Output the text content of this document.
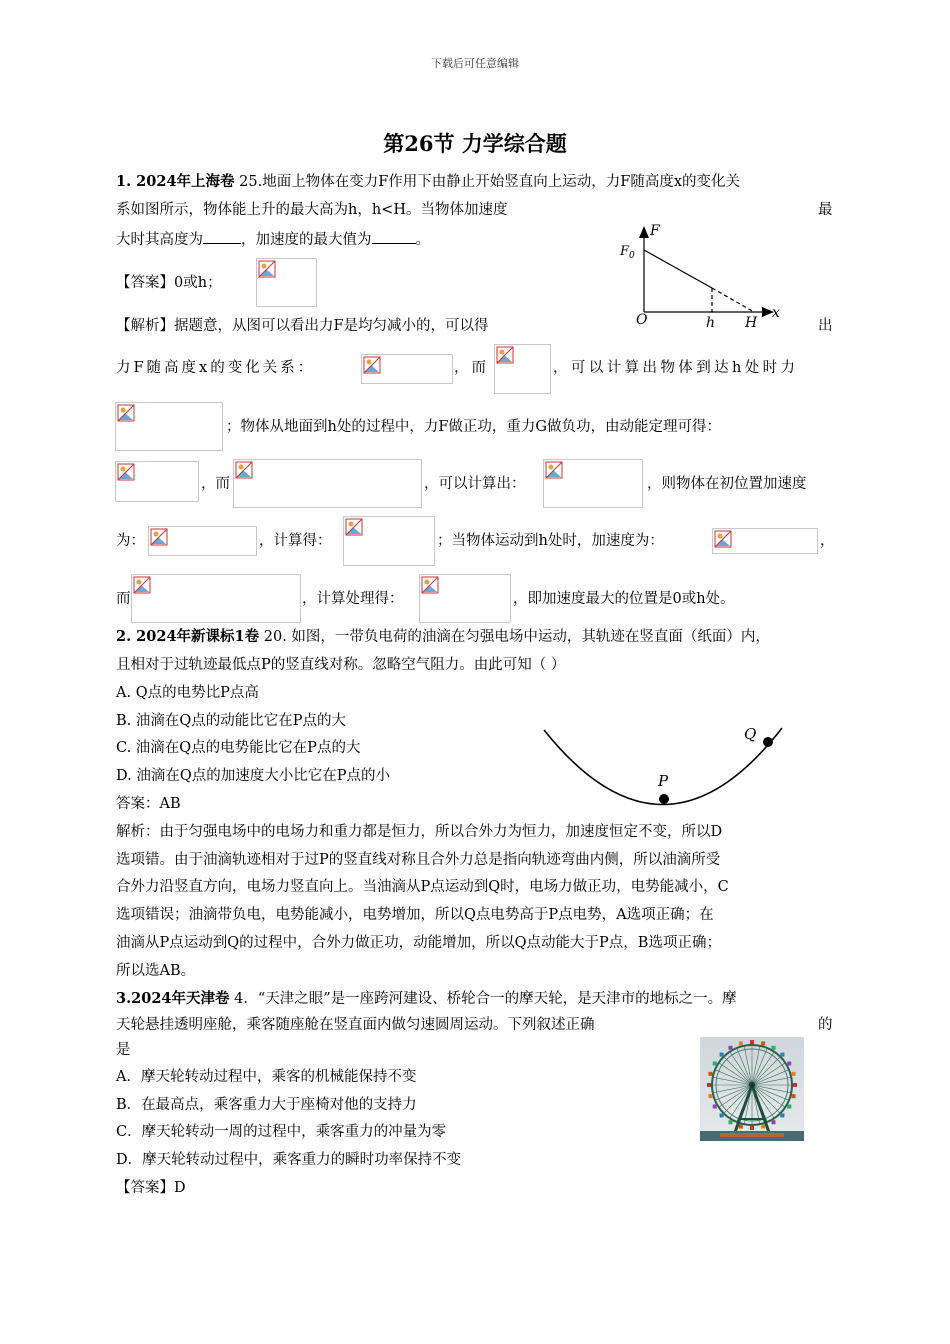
下载后可任意编辑
第26节 力学综合题
1. 2024年上海卷 25.地面上物体在变力F作用下由静止开始竖直向上运动，力F随高度x的变化关
系如图所示，物体能上升的最大高为h，h<H。当物体加速度	最
大时其高度为	，加速度的最大值为	。
F
$F_0$
O	h H
x
【答案】0或h；
【解析】据题意，从图可以看出力F是均匀减小的，可以得	出
力F随高度x的变化关系：	，而	，可以计算出物体到达h处时力
；物体从地面到h处的过程中，力F做正功，重力G做负功，由动能定理可得：
，而	，可以计算出：	，则物体在初位置加速度
为：	，计算得：	；当物体运动到h处时，加速度为：	，
而	，计算处理得：	，即加速度最大的位置是0或h处。
2. 2024年新课标1卷 20. 如图，一带负电荷的油滴在匀强电场中运动，其轨迹在竖直面（纸面）内，
且相对于过轨迹最低点P的竖直线对称。忽略空气阻力。由此可知（ ）
A. Q点的电势比P点高
B. 油滴在Q点的动能比它在P点的大
C. 油滴在Q点的电势能比它在P点的大
D. 油滴在Q点的加速度大小比它在P点的小
答案：AB
P
Q
解析：由于匀强电场中的电场力和重力都是恒力，所以合外力为恒力，加速度恒定不变，所以D
选项错。由于油滴轨迹相对于过P的竖直线对称且合外力总是指向轨迹弯曲内侧，所以油滴所受
合外力沿竖直方向，电场力竖直向上。当油滴从P点运动到Q时，电场力做正功，电势能减小，C
选项错误；油滴带负电，电势能减小，电势增加，所以Q点电势高于P点电势，A选项正确；在
油滴从P点运动到Q的过程中，合外力做正功，动能增加，所以Q点动能大于P点，B选项正确；
所以选AB。
3.2024年天津卷 4．“天津之眼”是一座跨河建设、桥轮合一的摩天轮，是天津市的地标之一。摩
天轮悬挂透明座舱，乘客随座舱在竖直面内做匀速圆周运动。下列叙述正确	的
是
A．摩天轮转动过程中，乘客的机械能保持不变
B．在最高点，乘客重力大于座椅对他的支持力
C．摩天轮转动一周的过程中，乘客重力的冲量为零
D．摩天轮转动过程中，乘客重力的瞬时功率保持不变
【答案】D
